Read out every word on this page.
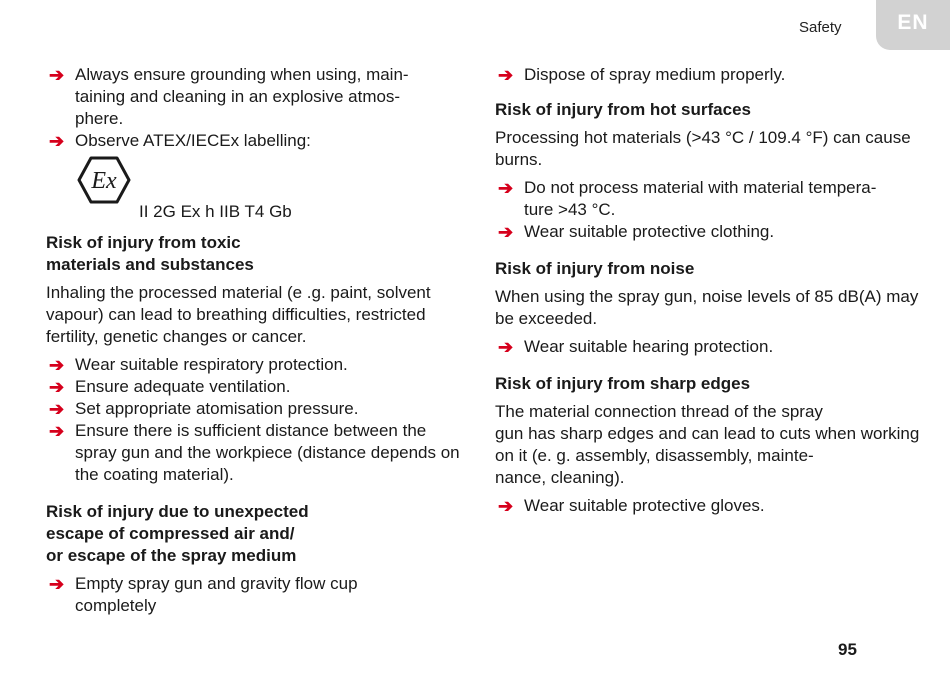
Safety	EN
➔ Always ensure grounding when using, main-
taining and cleaning in an explosive atmos-
phere.
➔ Observe ATEX/IECEx labelling:
Ex
II 2G Ex h IIB T4 Gb
Risk of injury from toxic
materials and substances

Inhaling the processed material (e .g. paint, solvent vapour) can lead to breathing difficulties, restricted fertility, genetic changes or cancer.

➔ Wear suitable respiratory protection.
➔ Ensure adequate ventilation.
➔ Set appropriate atomisation pressure.
➔ Ensure there is sufficient distance between the spray gun and the workpiece (distance depends on the coating material).
Risk of injury due to unexpected
escape of compressed air and/
or escape of the spray medium
➔ Empty spray gun and gravity flow cup
completely
➔ Dispose of spray medium properly.
Risk of injury from hot surfaces

Processing hot materials (>43 °C / 109.4 °F) can cause burns.

➔ Do not process material with material tempera-
ture >43 °C.
➔ Wear suitable protective clothing.
Risk of injury from noise

When using the spray gun, noise levels of 85 dB(A) may be exceeded.

➔ Wear suitable hearing protection.
Risk of injury from sharp edges

The material connection thread of the spray
gun has sharp edges and can lead to cuts when working on it (e. g. assembly, disassembly, mainte-
nance, cleaning).

➔ Wear suitable protective gloves.
95
